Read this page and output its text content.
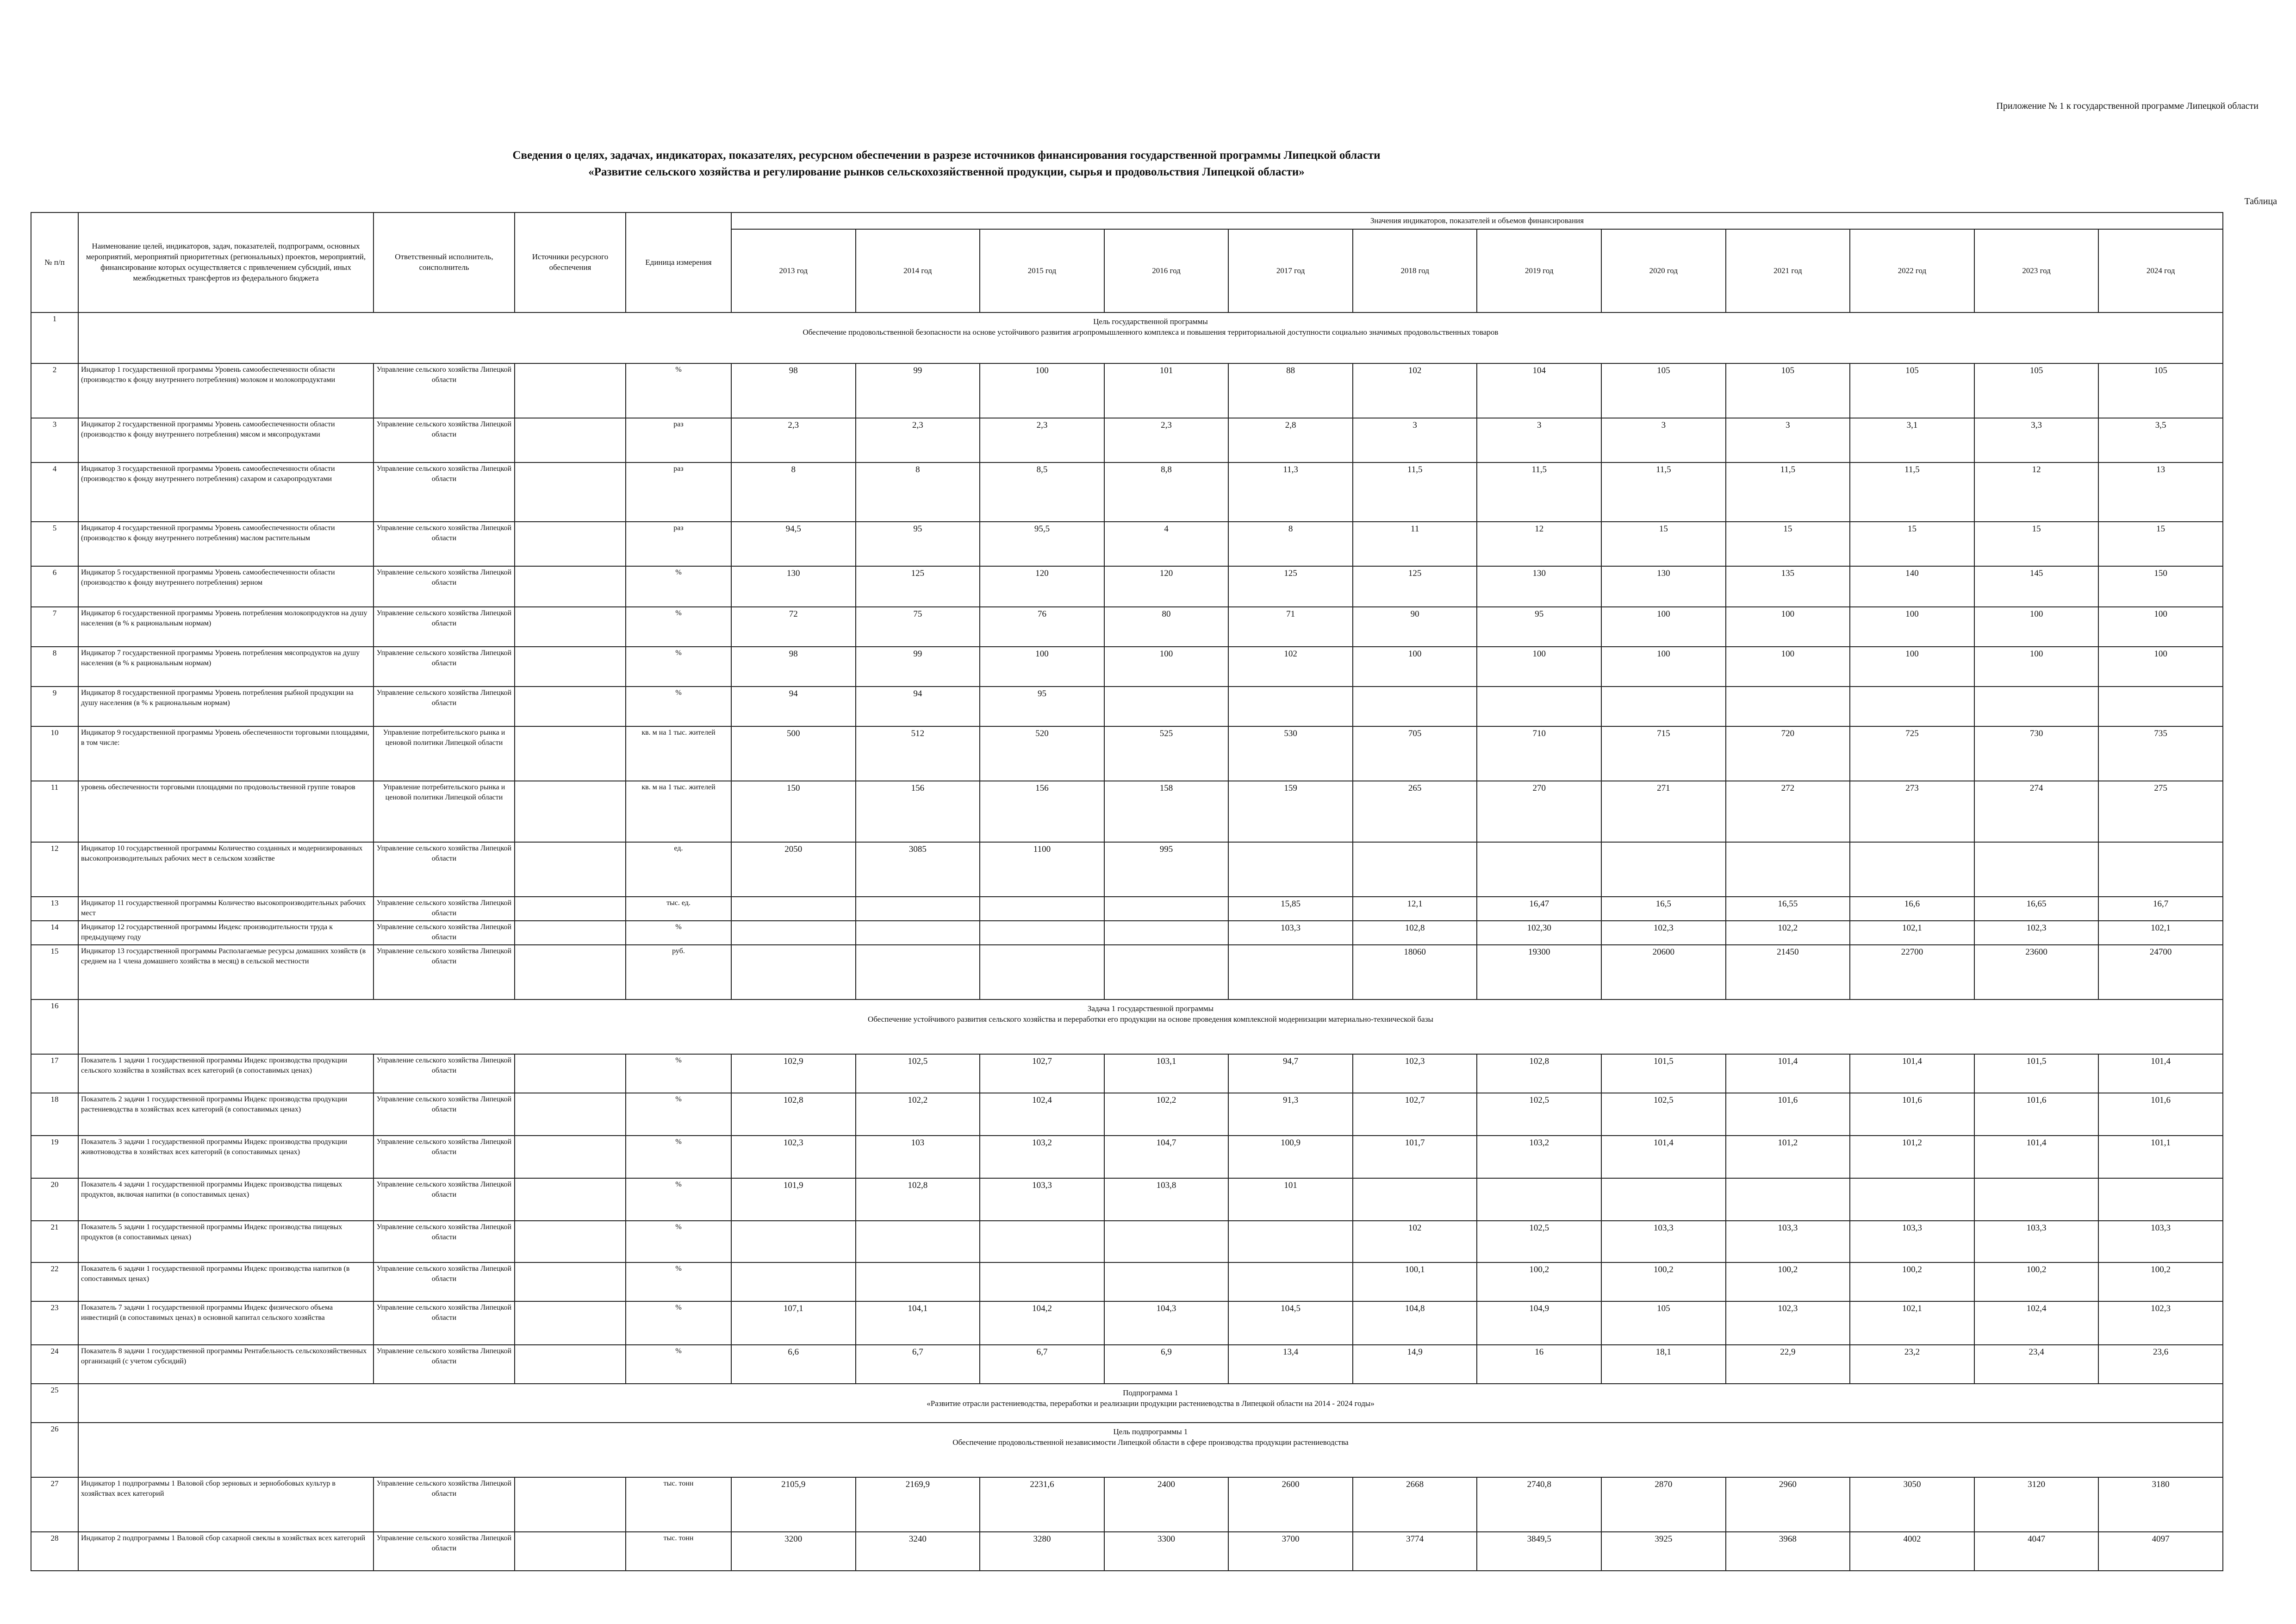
Приложение № 1 к государственной программе Липецкой области
Сведения о целях, задачах, индикаторах, показателях, ресурсном обеспечении в разрезе источников финансирования государственной программы Липецкой области
«Развитие сельского хозяйства и регулирование рынков сельскохозяйственной продукции, сырья и продовольствия Липецкой области»
Таблица
№ п/п	Наименование целей, индикаторов, задач, показателей, подпрограмм, основных мероприятий, мероприятий приоритетных (региональных) проектов, мероприятий, финансирование которых осуществляется с привлечением субсидий, иных межбюджетных трансфертов из федерального бюджета	Ответственный исполнитель, соисполнитель	Источники ресурсного обеспечения	Единица измерения	Значения индикаторов, показателей и объемов финансирования											
					2013 год	2014 год	2015 год	2016 год	2017 год	2018 год	2019 год	2020 год	2021 год	2022 год	2023 год	2024 год
1	Цель государственной программы
Обеспечение продовольственной безопасности на основе устойчивого развития агропромышленного комплекса и повышения территориальной доступности социально значимых продовольственных товаров															

2	Индикатор 1 государственной программы Уровень самообеспеченности области (производство к фонду внутреннего потребления) молоком и молокопродуктами	Управление сельского хозяйства Липецкой области		%	98	99	100	101	88	102	104	105	105	105	105	105
3	Индикатор 2 государственной программы Уровень самообеспеченности области (производство к фонду внутреннего потребления) мясом и мясопродуктами	Управление сельского хозяйства Липецкой области		раз	2,3	2,3	2,3	2,3	2,8	3	3	3	3	3,1	3,3	3,5
4	Индикатор 3 государственной программы Уровень самообеспеченности области (производство к фонду внутреннего потребления) сахаром и сахаропродуктами	Управление сельского хозяйства Липецкой области		раз	8	8	8,5	8,8	11,3	11,5	11,5	11,5	11,5	11,5	12	13
5	Индикатор 4 государственной программы Уровень самообеспеченности области (производство к фонду внутреннего потребления) маслом растительным	Управление сельского хозяйства Липецкой области		раз	94,5	95	95,5	4	8	11	12	15	15	15	15	15
6	Индикатор 5 государственной программы Уровень самообеспеченности области (производство к фонду внутреннего потребления) зерном	Управление сельского хозяйства Липецкой области		%	130	125	120	120	125	125	130	130	135	140	145	150
7	Индикатор 6 государственной программы Уровень потребления молокопродуктов на душу населения (в % к рациональным нормам)	Управление сельского хозяйства Липецкой области		%	72	75	76	80	71	90	95	100	100	100	100	100
8	Индикатор 7 государственной программы Уровень потребления мясопродуктов на душу населения (в % к рациональным нормам)	Управление сельского хозяйства Липецкой области		%	98	99	100	100	102	100	100	100	100	100	100	100
9	Индикатор 8 государственной программы Уровень потребления рыбной продукции на душу населения (в % к рациональным нормам)	Управление сельского хозяйства Липецкой области		%	94	94	95									
10	Индикатор 9 государственной программы Уровень обеспеченности торговыми площадями, в том числе:	Управление потребительского рынка и ценовой политики Липецкой области		кв. м на 1 тыс. жителей	500	512	520	525	530	705	710	715	720	725	730	735
11	уровень обеспеченности торговыми площадями по продовольственной группе товаров	Управление потребительского рынка и ценовой политики Липецкой области		кв. м на 1 тыс. жителей	150	156	156	158	159	265	270	271	272	273	274	275
12	Индикатор 10 государственной программы Количество созданных и модернизированных высокопроизводительных рабочих мест в сельском хозяйстве	Управление сельского хозяйства Липецкой области		ед.	2050	3085	1100	995								
13	Индикатор 11 государственной программы Количество высокопроизводительных рабочих мест	Управление сельского хозяйства Липецкой области		тыс. ед.					15,85	12,1	16,47	16,5	16,55	16,6	16,65	16,7
14	Индикатор 12 государственной программы Индекс производительности труда к предыдущему году	Управление сельского хозяйства Липецкой области		%					103,3	102,8	102,30	102,3	102,2	102,1	102,3	102,1
15	Индикатор 13 государственной программы Располагаемые ресурсы домашних хозяйств (в среднем на 1 члена домашнего хозяйства в месяц) в сельской местности	Управление сельского хозяйства Липецкой области		руб.						18060	19300	20600	21450	22700	23600	24700
16	Задача 1 государственной программы
Обеспечение устойчивого развития сельского хозяйства и переработки его продукции на основе проведения комплексной модернизации материально-технической базы															

17	Показатель 1 задачи 1 государственной программы Индекс производства продукции сельского хозяйства в хозяйствах всех категорий (в сопоставимых ценах)	Управление сельского хозяйства Липецкой области		%	102,9	102,5	102,7	103,1	94,7	102,3	102,8	101,5	101,4	101,4	101,5	101,4
18	Показатель 2 задачи 1 государственной программы Индекс производства продукции растениеводства в хозяйствах всех категорий (в сопоставимых ценах)	Управление сельского хозяйства Липецкой области		%	102,8	102,2	102,4	102,2	91,3	102,7	102,5	102,5	101,6	101,6	101,6	101,6
19	Показатель 3 задачи 1 государственной программы Индекс производства продукции животноводства в хозяйствах всех категорий (в сопоставимых ценах)	Управление сельского хозяйства Липецкой области		%	102,3	103	103,2	104,7	100,9	101,7	103,2	101,4	101,2	101,2	101,4	101,1
20	Показатель 4 задачи 1 государственной программы Индекс производства пищевых продуктов, включая напитки (в сопоставимых ценах)	Управление сельского хозяйства Липецкой области		%	101,9	102,8	103,3	103,8	101							
21	Показатель 5 задачи 1 государственной программы Индекс производства пищевых продуктов (в сопоставимых ценах)	Управление сельского хозяйства Липецкой области		%						102	102,5	103,3	103,3	103,3	103,3	103,3
22	Показатель 6 задачи 1 государственной программы Индекс производства напитков (в сопоставимых ценах)	Управление сельского хозяйства Липецкой области		%						100,1	100,2	100,2	100,2	100,2	100,2	100,2
23	Показатель 7 задачи 1 государственной программы Индекс физического объема инвестиций (в сопоставимых ценах) в основной капитал сельского хозяйства	Управление сельского хозяйства Липецкой области		%	107,1	104,1	104,2	104,3	104,5	104,8	104,9	105	102,3	102,1	102,4	102,3
24	Показатель 8 задачи 1 государственной программы Рентабельность сельскохозяйственных организаций (с учетом субсидий)	Управление сельского хозяйства Липецкой области		%	6,6	6,7	6,7	6,9	13,4	14,9	16	18,1	22,9	23,2	23,4	23,6
25	Подпрограмма 1
«Развитие отрасли растениеводства, переработки и реализации продукции растениеводства в Липецкой области на 2014 - 2024 годы»															

26	Цель подпрограммы 1
Обеспечение продовольственной независимости Липецкой области в сфере производства продукции растениеводства															

27	Индикатор 1 подпрограммы 1 Валовой сбор зерновых и зернобобовых культур в хозяйствах всех категорий	Управление сельского хозяйства Липецкой области		тыс. тонн	2105,9	2169,9	2231,6	2400	2600	2668	2740,8	2870	2960	3050	3120	3180
28	Индикатор 2 подпрограммы 1 Валовой сбор сахарной свеклы в хозяйствах всех категорий	Управление сельского хозяйства Липецкой области		тыс. тонн	3200	3240	3280	3300	3700	3774	3849,5	3925	3968	4002	4047	4097
